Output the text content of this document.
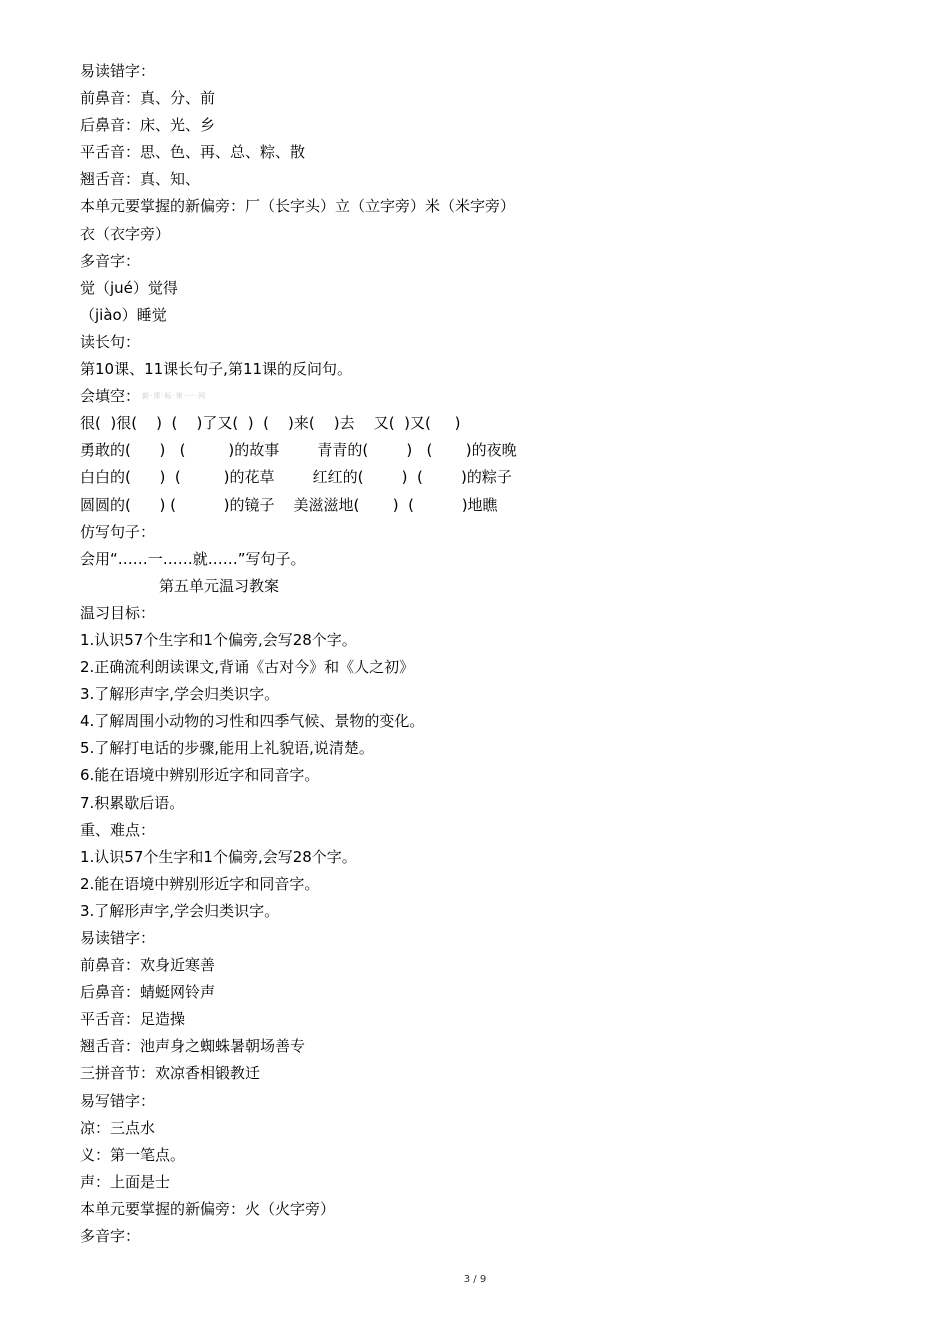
易读错字：

前鼻音：真、分、前

后鼻音：床、光、乡

平舌音：思、色、再、总、粽、散

翘舌音：真、知、

本单元要掌握的新偏旁：厂（长字头）立（立字旁）米（米字旁）

衣（衣字旁）

多音字：

觉（jué）觉得

（jiào）睡觉

读长句：

第10课、11课长句子,第11课的反问句。

会填空： 新·课·标·第·一·网

很(  )很(    )  (    )了又(  )  (    )来(    )去    又(  )又(     )

勇敢的(      )   (         )的故事        青青的(        )   (       )的夜晚

白白的(      )  (         )的花草        红红的(        )  (        )的粽子

圆圆的(      ) (          )的镜子    美滋滋地(       )  (          )地瞧

仿写句子：

会用“……一……就……”写句子。

第五单元温习教案

温习目标：

1.认识57个生字和1个偏旁,会写28个字。

2.正确流利朗读课文,背诵《古对今》和《人之初》

3.了解形声字,学会归类识字。

4.了解周围小动物的习性和四季气候、景物的变化。

5.了解打电话的步骤,能用上礼貌语,说清楚。

6.能在语境中辨别形近字和同音字。

7.积累歇后语。

重、难点：

1.认识57个生字和1个偏旁,会写28个字。

2.能在语境中辨别形近字和同音字。

3.了解形声字,学会归类识字。

易读错字：

前鼻音：欢身近寒善

后鼻音：蜻蜓网铃声

平舌音：足造操

翘舌音：池声身之蜘蛛暑朝场善专

三拼音节：欢凉香相锻教迁

易写错字：

凉：三点水

义：第一笔点。

声：上面是士

本单元要掌握的新偏旁：火（火字旁）

多音字：

3 / 9
